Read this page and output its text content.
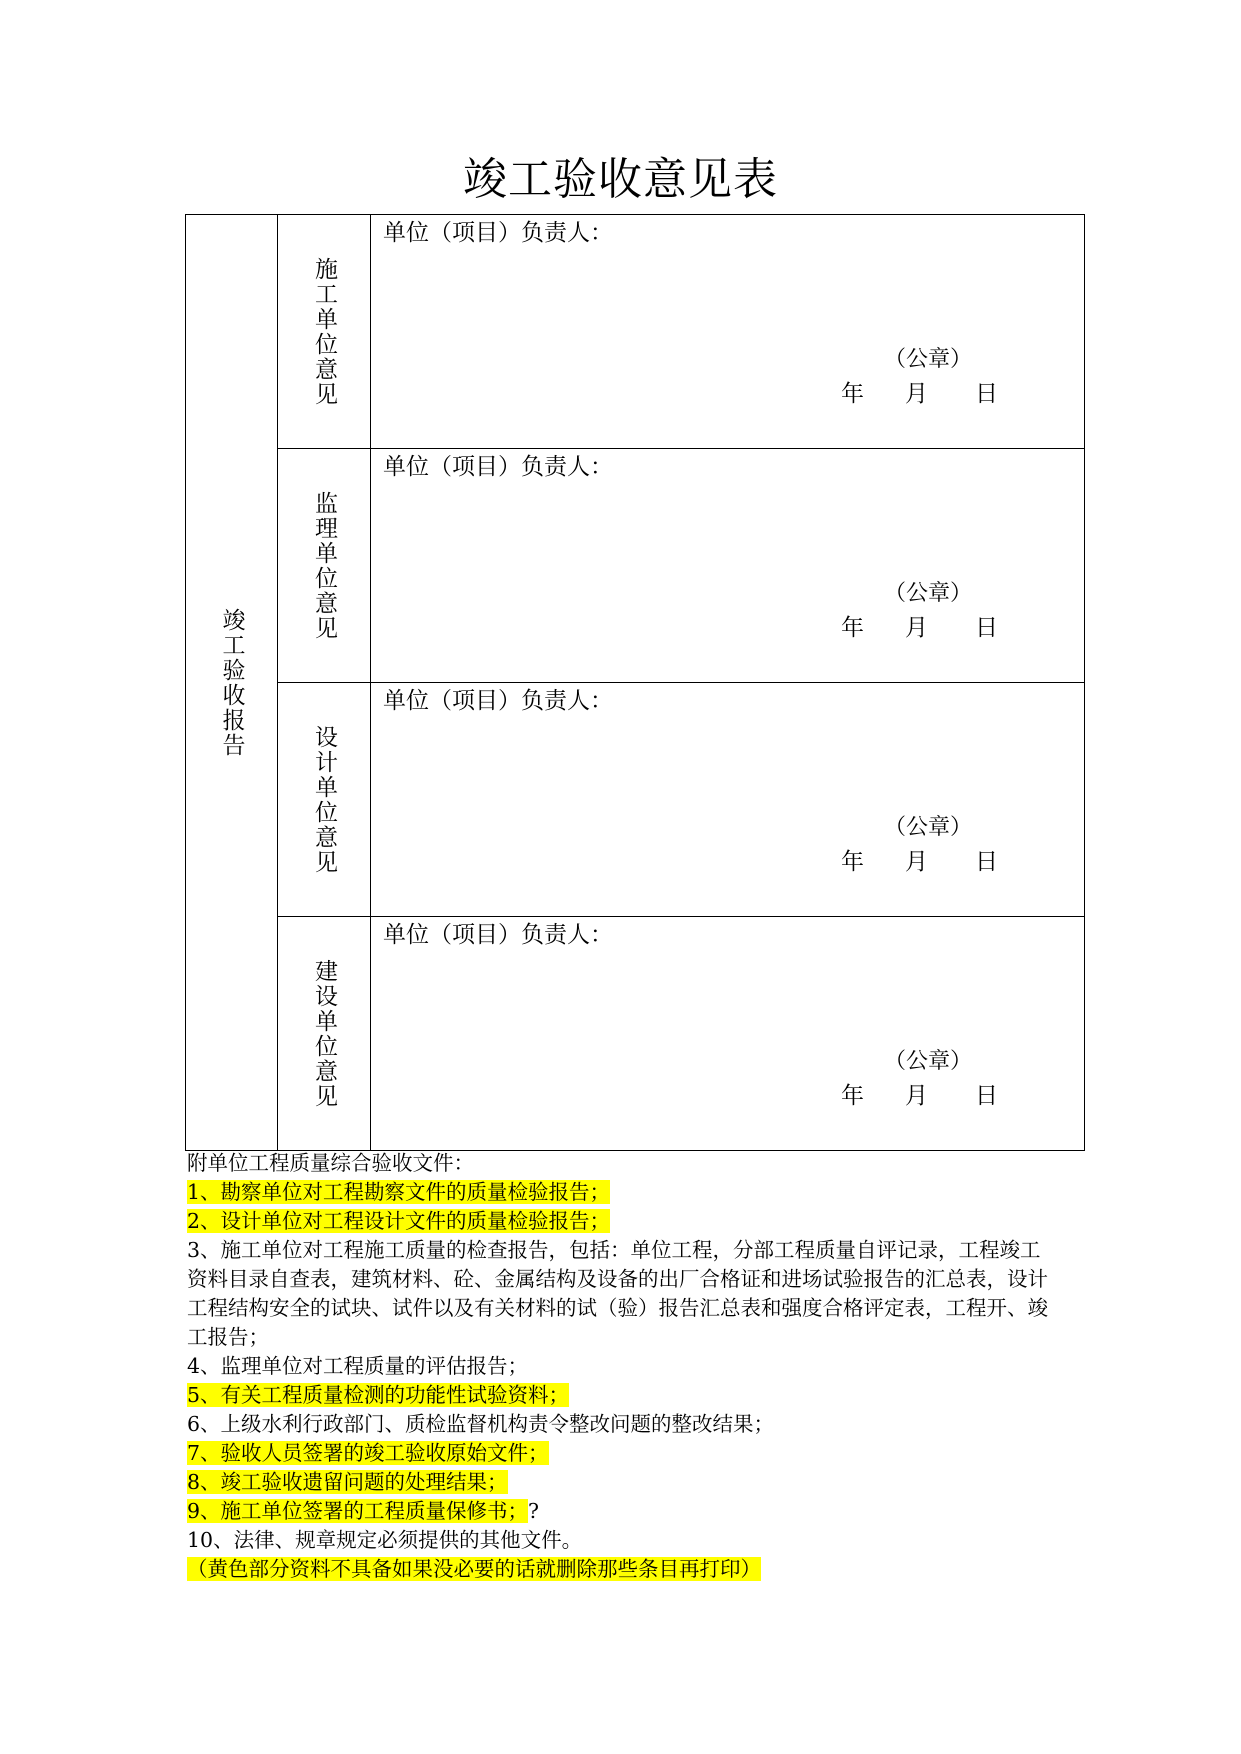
竣工验收意见表
竣工验收报告	施工单位意见	单位（项目）负责人：
（公章）
年 月 日

	监理单位意见	单位（项目）负责人：
（公章）
年 月 日

	设计单位意见	单位（项目）负责人：
（公章）
年 月 日

	建设单位意见	单位（项目）负责人：
（公章）
年 月 日

附单位工程质量综合验收文件：

1、勘察单位对工程勘察文件的质量检验报告；

2、设计单位对工程设计文件的质量检验报告；

3、施工单位对工程施工质量的检查报告，包括：单位工程，分部工程质量自评记录，工程竣工资料目录自查表，建筑材料、砼、金属结构及设备的出厂合格证和进场试验报告的汇总表，设计工程结构安全的试块、试件以及有关材料的试（验）报告汇总表和强度合格评定表，工程开、竣工报告；

4、监理单位对工程质量的评估报告；

5、有关工程质量检测的功能性试验资料；

6、上级水利行政部门、质检监督机构责令整改问题的整改结果；

7、验收人员签署的竣工验收原始文件；

8、竣工验收遗留问题的处理结果；

9、施工单位签署的工程质量保修书；?

10、法律、规章规定必须提供的其他文件。

（黄色部分资料不具备如果没必要的话就删除那些条目再打印）
